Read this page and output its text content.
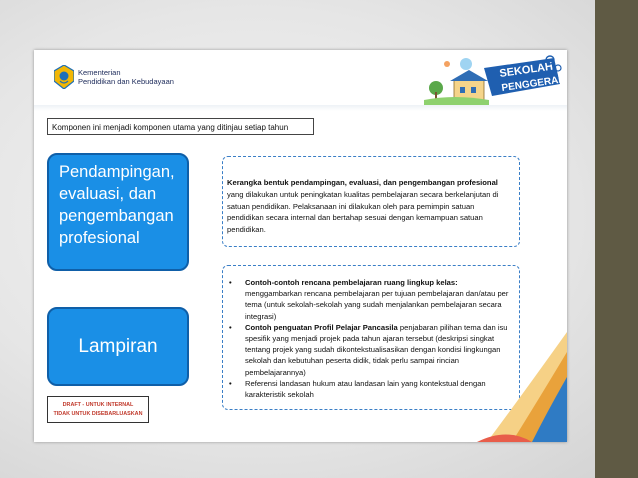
Kementerian
Pendidikan dan Kebudayaan
SEKOLAH
PENGGERAK
Komponen ini menjadi komponen utama yang ditinjau setiap tahun
Pendampingan,
evaluasi, dan
pengembangan
profesional
Lampiran
DRAFT - UNTUK INTERNAL
TIDAK UNTUK DISEBARLUASKAN
Kerangka bentuk pendampingan, evaluasi, dan pengembangan profesional yang dilakukan untuk peningkatan kualitas pembelajaran secara berkelanjutan di satuan pendidikan. Pelaksanaan ini dilakukan oleh para pemimpin satuan pendidikan secara internal dan bertahap sesuai dengan kemampuan satuan pendidikan.
• Contoh-contoh rencana pembelajaran ruang lingkup kelas: menggambarkan rencana pembelajaran per tujuan pembelajaran dan/atau per tema (untuk sekolah-sekolah yang sudah menjalankan pembelajaran secara integrasi)
• Contoh penguatan Profil Pelajar Pancasila penjabaran pilihan tema dan isu spesifik yang menjadi projek pada tahun ajaran tersebut (deskripsi singkat tentang projek yang sudah dikontekstualisasikan dengan kondisi lingkungan sekolah dan kebutuhan peserta didik, tidak perlu sampai rincian pembelajarannya)
• Referensi landasan hukum atau landasan lain yang kontekstual dengan karakteristik sekolah
